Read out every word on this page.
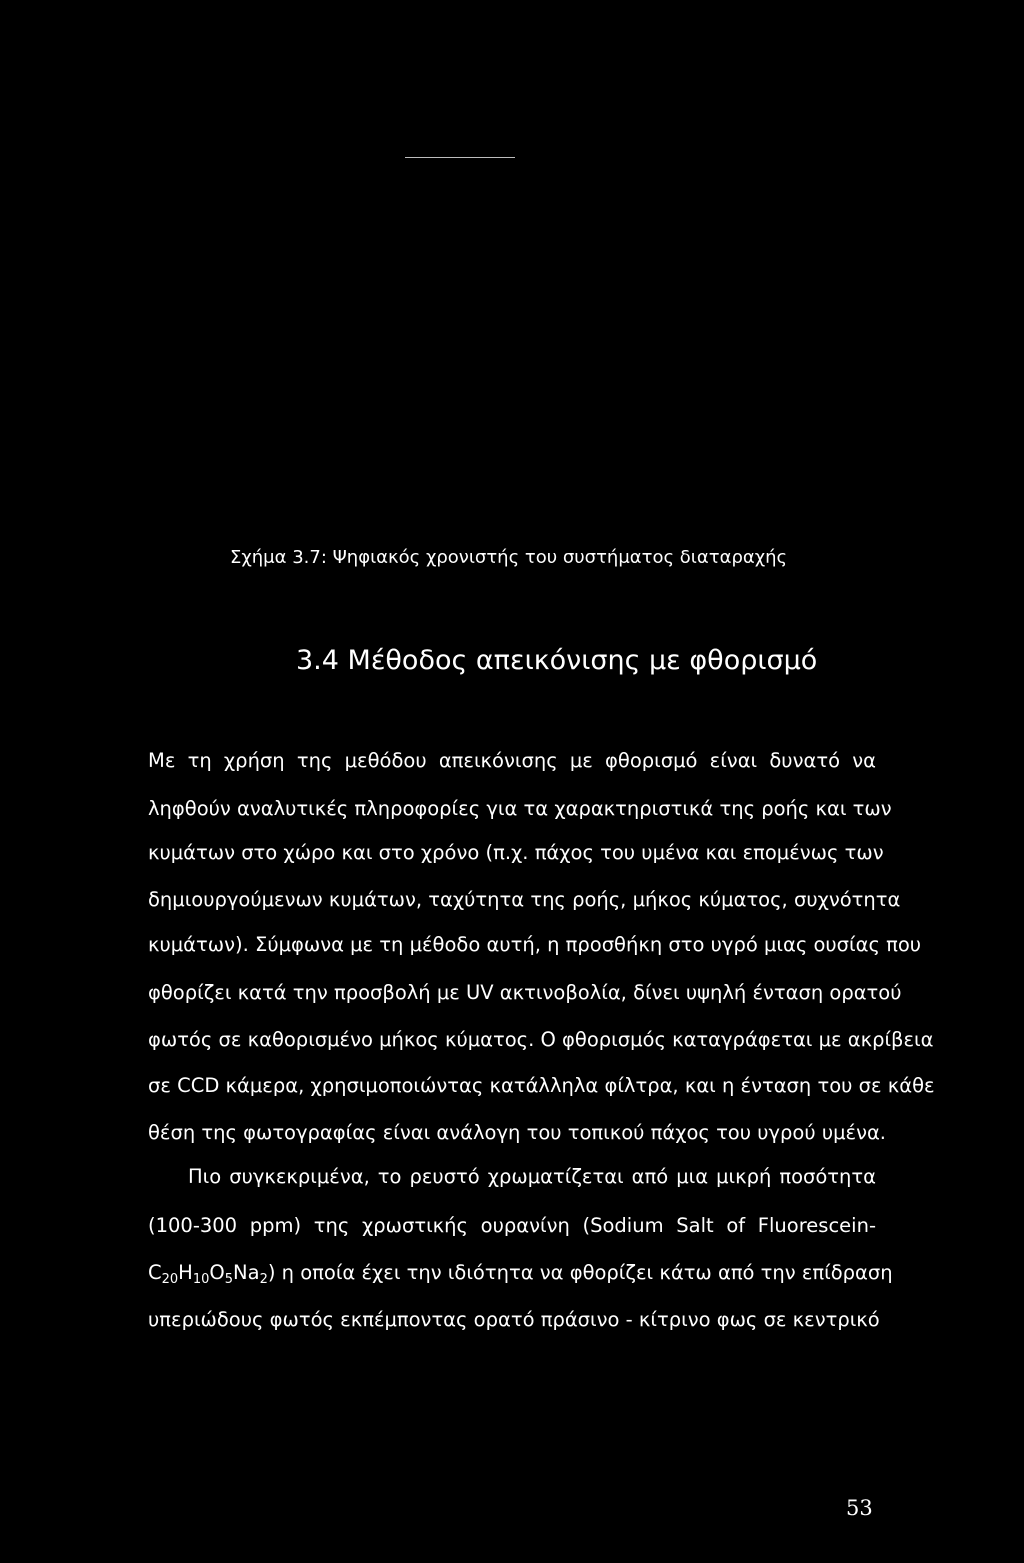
Σχήμα 3.7: Ψηφιακός χρονιστής του συστήματος διαταραχής
3.4 Μέθοδος απεικόνισης με φθορισμό
Με τη χρήση της μεθόδου απεικόνισης με φθορισμό είναι δυνατό να
ληφθούν αναλυτικές πληροφορίες για τα χαρακτηριστικά της ροής και των
κυμάτων στο χώρο και στο χρόνο (π.χ. πάχος του υμένα και επομένως των
δημιουργούμενων κυμάτων, ταχύτητα της ροής, μήκος κύματος, συχνότητα
κυμάτων). Σύμφωνα με τη μέθοδο αυτή, η προσθήκη στο υγρό μιας ουσίας που
φθορίζει κατά την προσβολή με UV ακτινοβολία, δίνει υψηλή ένταση ορατού
φωτός σε καθορισμένο μήκος κύματος. Ο φθορισμός καταγράφεται με ακρίβεια
σε CCD κάμερα, χρησιμοποιώντας κατάλληλα φίλτρα, και η ένταση του σε κάθε
θέση της φωτογραφίας είναι ανάλογη του τοπικού πάχος του υγρού υμένα.
Πιο συγκεκριμένα, το ρευστό χρωματίζεται από μια μικρή ποσότητα
(100-300 ppm) της χρωστικής ουρανίνη (Sodium Salt of Fluorescein-
$C_{20}H_{10}O_5Na_2$) η οποία έχει την ιδιότητα να φθορίζει κάτω από την επίδραση
υπεριώδους φωτός εκπέμποντας ορατό πράσινο - κίτρινο φως σε κεντρικό
53
